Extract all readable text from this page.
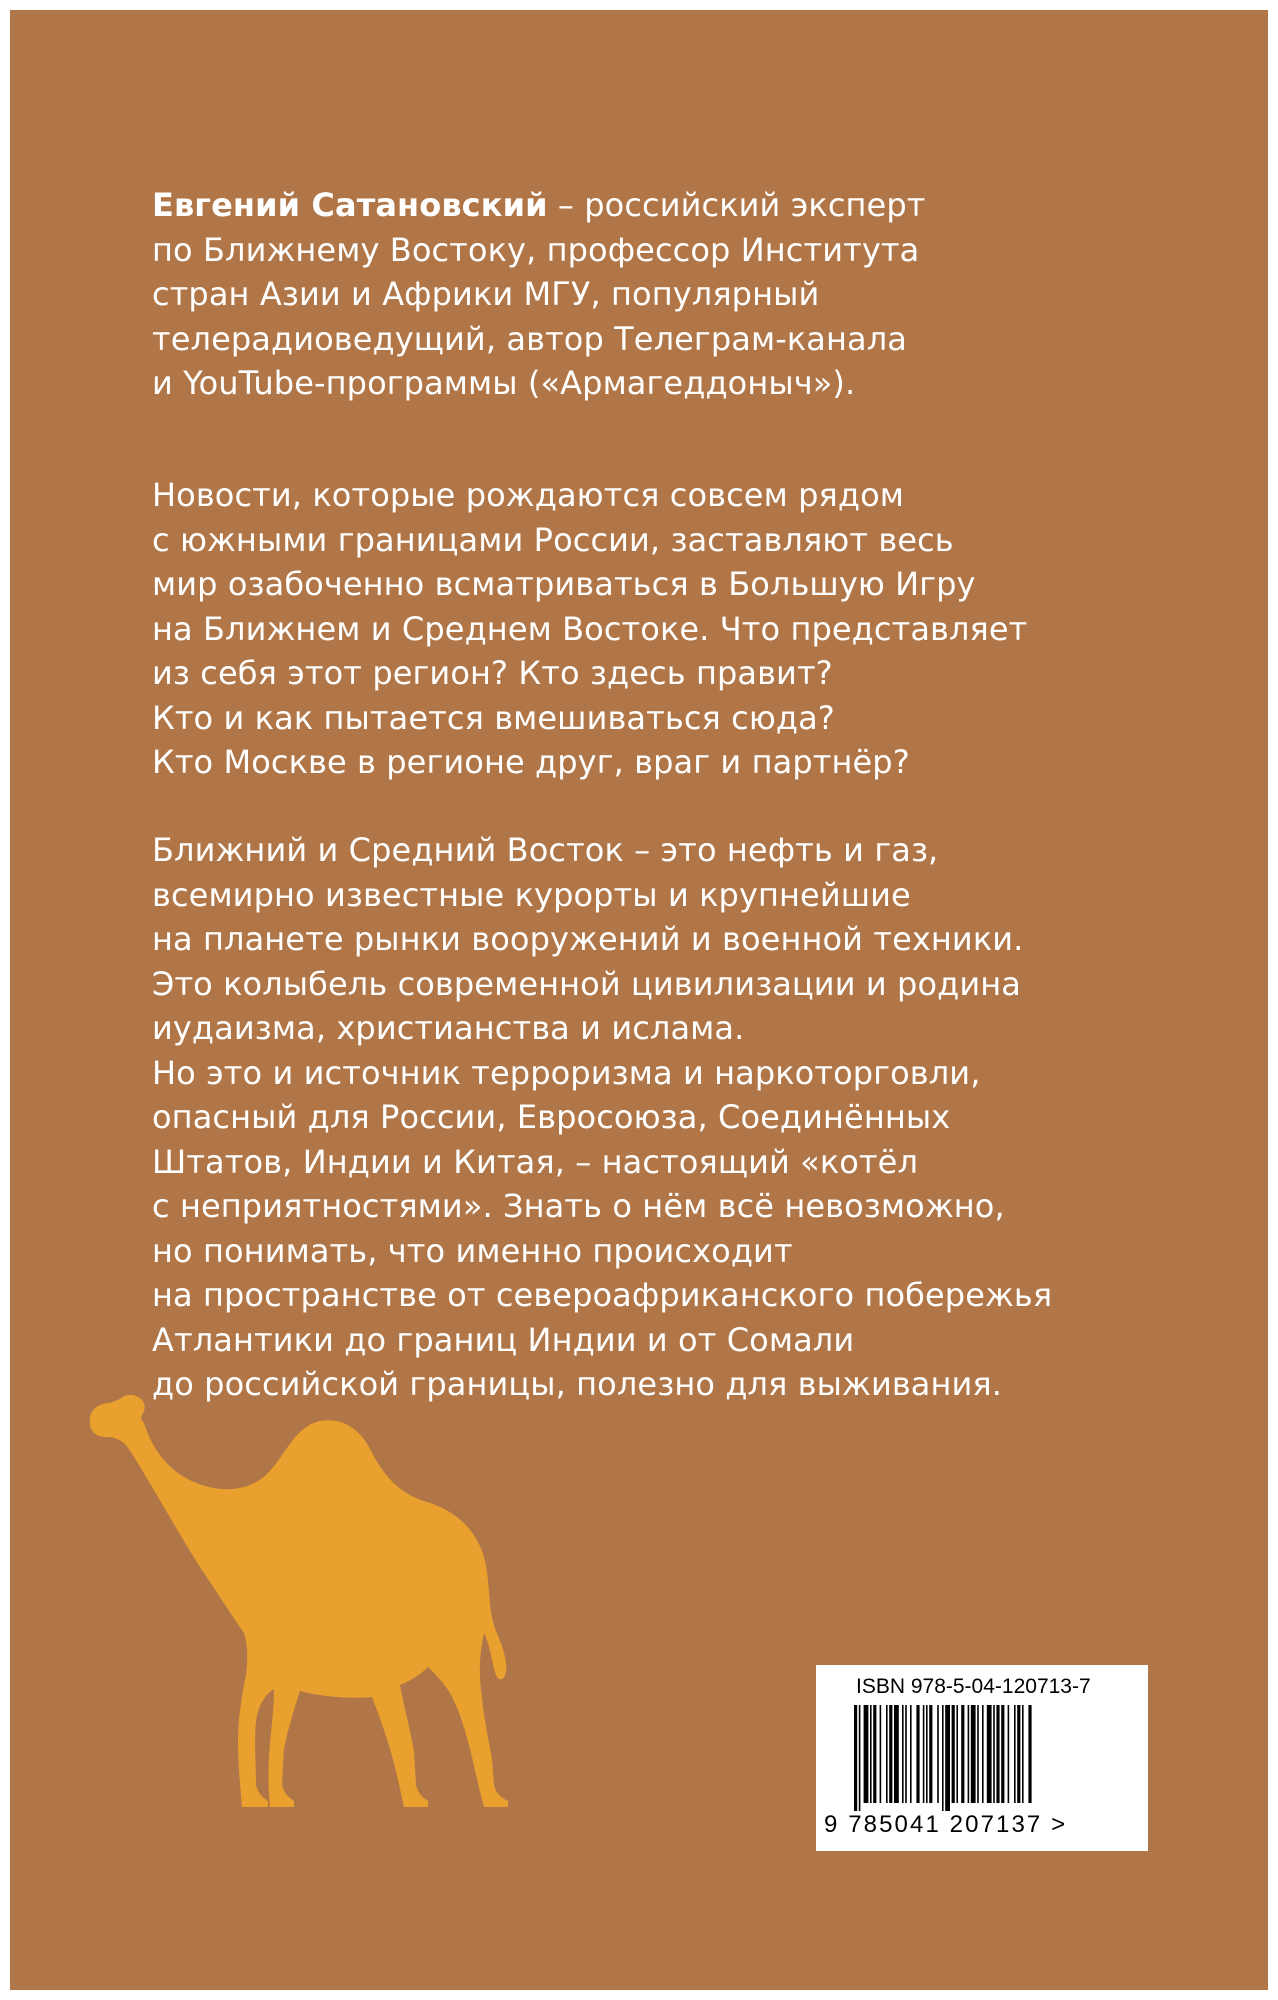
Евгений Сатановский – российский эксперт
по Ближнему Востоку, профессор Института
стран Азии и Африки МГУ, популярный
телерадиоведущий, автор Телеграм-канала
и YouTube-программы («Армагеддоныч»).
Новости, которые рождаются совсем рядом
с южными границами России, заставляют весь
мир озабоченно всматриваться в Большую Игру
на Ближнем и Среднем Востоке. Что представляет
из себя этот регион? Кто здесь правит?
Кто и как пытается вмешиваться сюда?
Кто Москве в регионе друг, враг и партнёр?
Ближний и Средний Восток – это нефть и газ,
всемирно известные курорты и крупнейшие
на планете рынки вооружений и военной техники.
Это колыбель современной цивилизации и родина
иудаизма, христианства и ислама.
Но это и источник терроризма и наркоторговли,
опасный для России, Евросоюза, Соединённых
Штатов, Индии и Китая, – настоящий «котёл
с неприятностями». Знать о нём всё невозможно,
но понимать, что именно происходит
на пространстве от североафриканского побережья
Атлантики до границ Индии и от Сомали
до российской границы, полезно для выживания.
ISBN 978-5-04-120713-7
9 785041 207137 >
